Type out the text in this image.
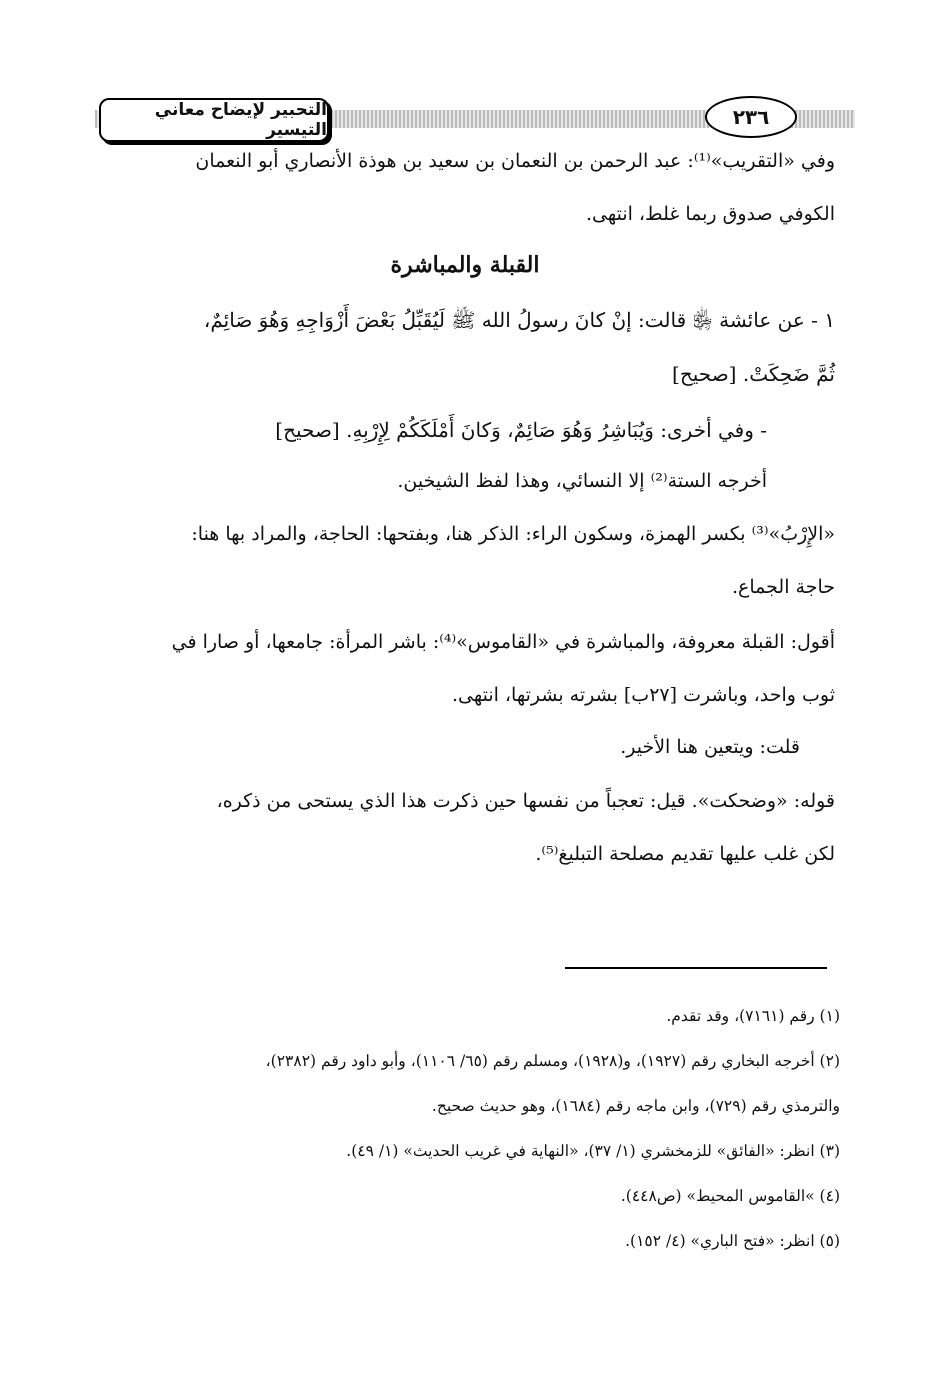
التحبير لإيضاح معاني التيسير
٢٣٦
وفي «التقريب»⁽¹⁾: عبد الرحمن بن النعمان بن سعيد بن هوذة الأنصاري أبو النعمان
الكوفي صدوق ربما غلط، انتهى.
القبلة والمباشرة
١ - عن عائشة ﵂ قالت: إنْ كانَ رسولُ الله ﷺ لَيُقَبِّلُ بَعْضَ أَزْوَاجِهِ وَهُوَ صَائِمٌ،
ثُمَّ ضَحِكَتْ. [صحيح]
- وفي أخرى: وَيُبَاشِرُ وَهُوَ صَائِمٌ، وَكانَ أَمْلَكَكُمْ لِإِرْبِهِ. [صحيح]
أخرجه الستة⁽²⁾ إلا النسائي، وهذا لفظ الشيخين.
«الإِرْبُ»⁽³⁾ بكسر الهمزة، وسكون الراء: الذكر هنا، وبفتحها: الحاجة، والمراد بها هنا:
حاجة الجماع.
أقول: القبلة معروفة، والمباشرة في «القاموس»⁽⁴⁾: باشر المرأة: جامعها، أو صارا في
ثوب واحد، وباشرت [٢٧ب] بشرته بشرتها، انتهى.
قلت: ويتعين هنا الأخير.
قوله: «وضحكت». قيل: تعجباً من نفسها حين ذكرت هذا الذي يستحى من ذكره،
لكن غلب عليها تقديم مصلحة التبليغ⁽⁵⁾.
(١) رقم (٧١٦١)، وقد تقدم.
(٢) أخرجه البخاري رقم (١٩٢٧)، و(١٩٢٨)، ومسلم رقم (٦٥/ ١١٠٦)، وأبو داود رقم (٢٣٨٢)،
والترمذي رقم (٧٢٩)، وابن ماجه رقم (١٦٨٤)، وهو حديث صحيح.
(٣) انظر: «الفائق» للزمخشري (١/ ٣٧)، «النهاية في غريب الحديث» (١/ ٤٩).
(٤) »القاموس المحيط» (ص٤٤٨).
(٥) انظر: «فتح الباري» (٤/ ١٥٢).
